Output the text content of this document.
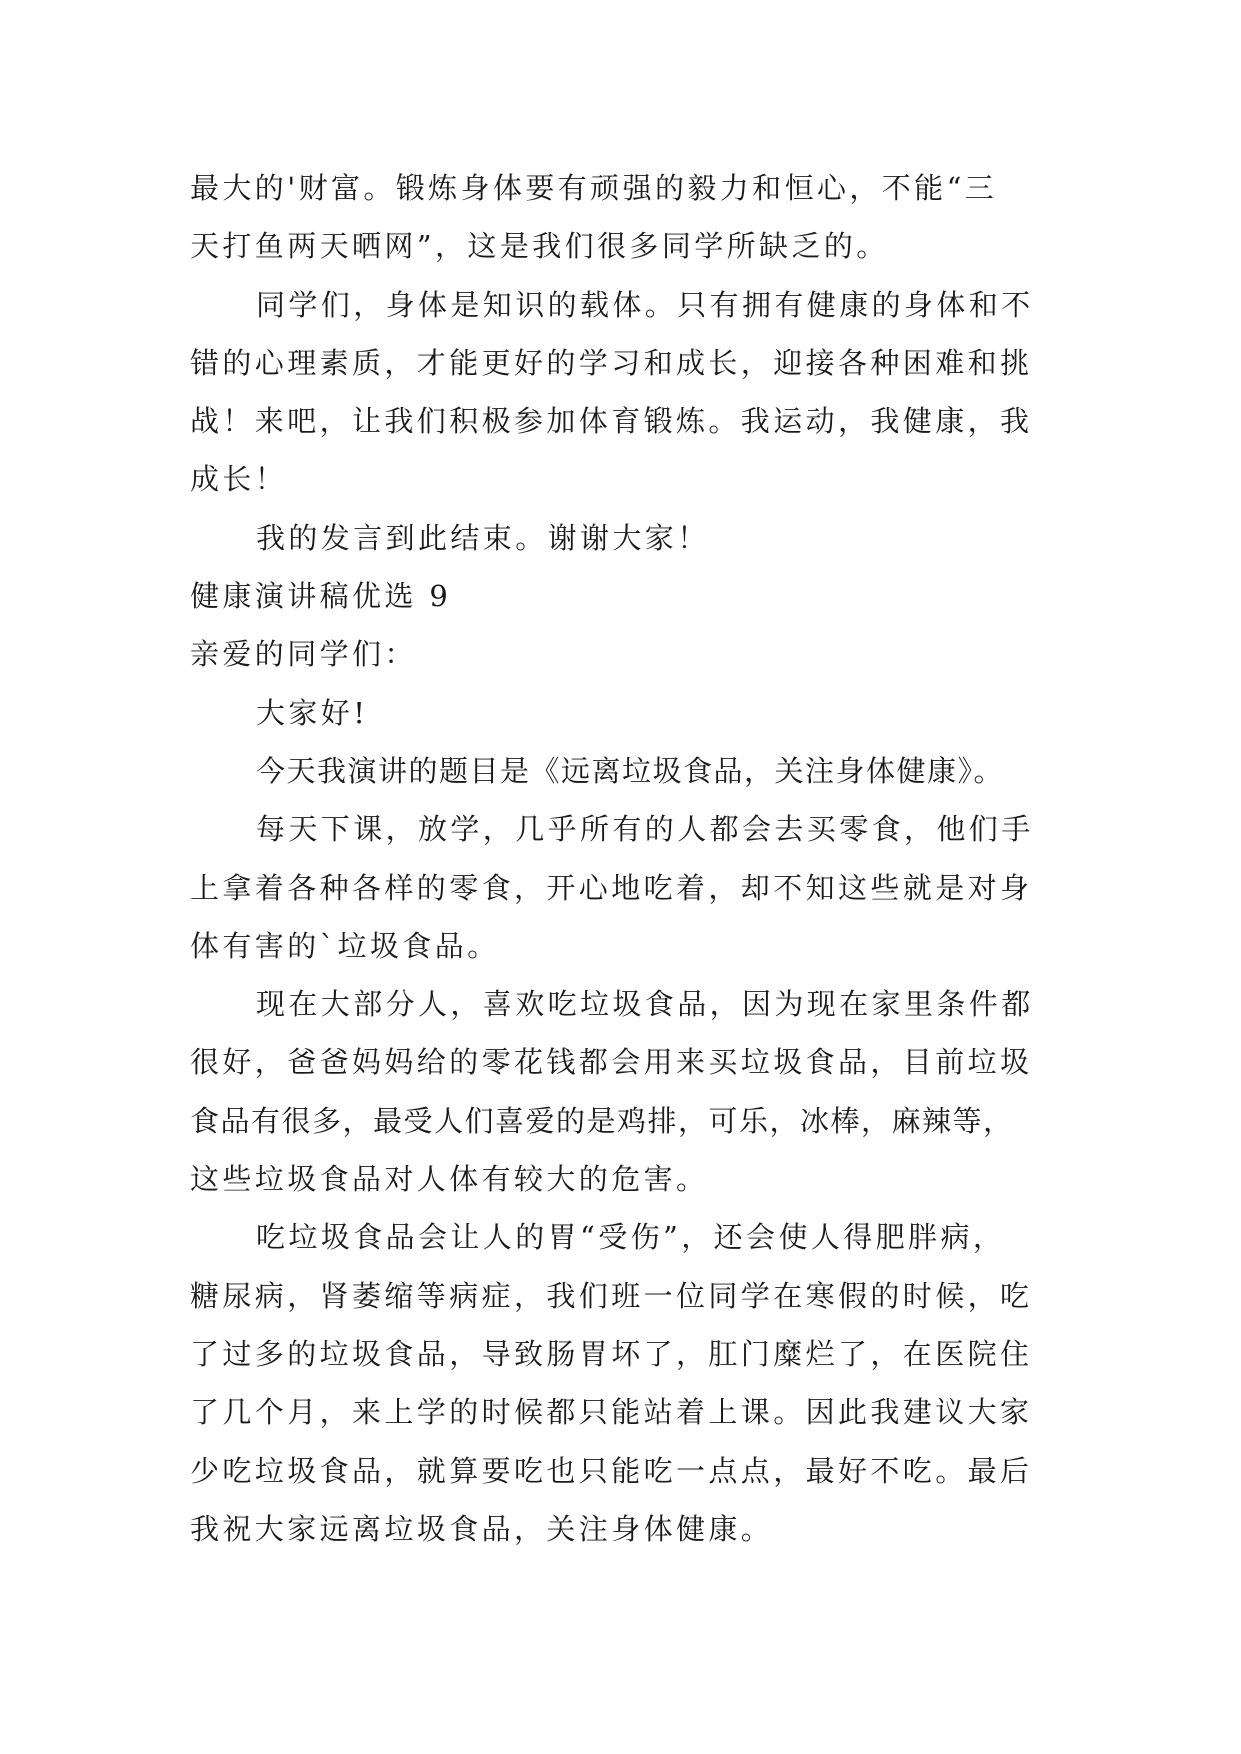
最大的'财富。锻炼身体要有顽强的毅力和恒心，不能“三
天打鱼两天晒网”，这是我们很多同学所缺乏的。
同学们，身体是知识的载体。只有拥有健康的身体和不
错的心理素质，才能更好的学习和成长，迎接各种困难和挑
战！来吧，让我们积极参加体育锻炼。我运动，我健康，我
成长！
我的发言到此结束。谢谢大家！
健康演讲稿优选 9
亲爱的同学们：
大家好!
今天我演讲的题目是《远离垃圾食品，关注身体健康》。
每天下课，放学，几乎所有的人都会去买零食，他们手
上拿着各种各样的零食，开心地吃着，却不知这些就是对身
体有害的`垃圾食品。
现在大部分人，喜欢吃垃圾食品，因为现在家里条件都
很好，爸爸妈妈给的零花钱都会用来买垃圾食品，目前垃圾
食品有很多，最受人们喜爱的是鸡排，可乐，冰棒，麻辣等，
这些垃圾食品对人体有较大的危害。
吃垃圾食品会让人的胃“受伤”，还会使人得肥胖病，
糖尿病，肾萎缩等病症，我们班一位同学在寒假的时候，吃
了过多的垃圾食品，导致肠胃坏了，肛门糜烂了，在医院住
了几个月，来上学的时候都只能站着上课。因此我建议大家
少吃垃圾食品，就算要吃也只能吃一点点，最好不吃。最后
我祝大家远离垃圾食品，关注身体健康。
